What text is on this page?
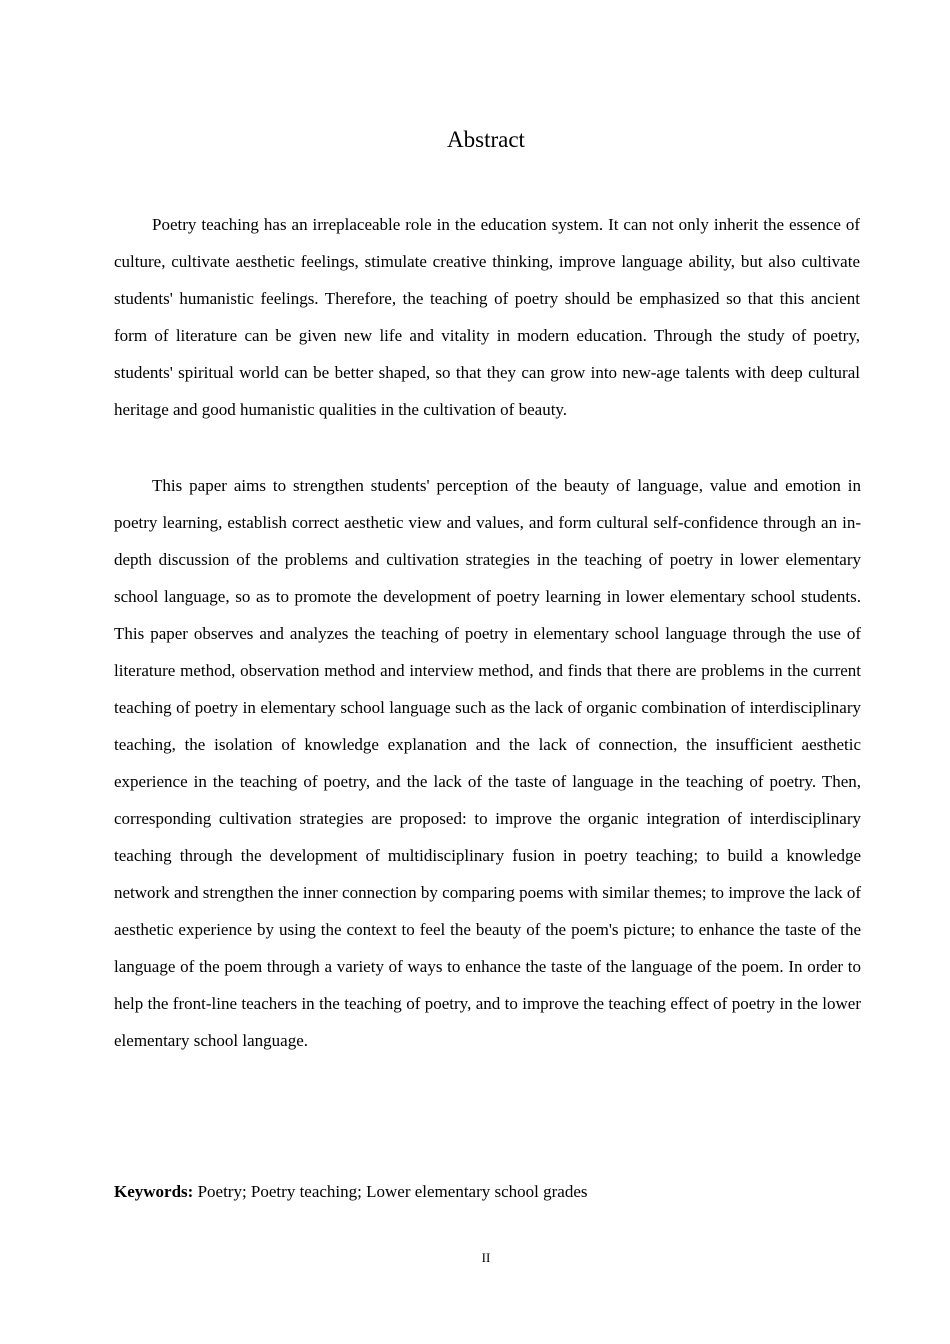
Abstract

Poetry teaching has an irreplaceable role in the education system. It can not only inherit the essence of culture, cultivate aesthetic feelings, stimulate creative thinking, improve language ability, but also cultivate students' humanistic feelings. Therefore, the teaching of poetry should be emphasized so that this ancient form of literature can be given new life and vitality in modern education. Through the study of poetry, students' spiritual world can be better shaped, so that they can grow into new-age talents with deep cultural heritage and good humanistic qualities in the cultivation of beauty.

This paper aims to strengthen students' perception of the beauty of language, value and emotion in poetry learning, establish correct aesthetic view and values, and form cultural self-confidence through an in-depth discussion of the problems and cultivation strategies in the teaching of poetry in lower elementary school language, so as to promote the development of poetry learning in lower elementary school students. This paper observes and analyzes the teaching of poetry in elementary school language through the use of literature method, observation method and interview method, and finds that there are problems in the current teaching of poetry in elementary school language such as the lack of organic combination of interdisciplinary teaching, the isolation of knowledge explanation and the lack of connection, the insufficient aesthetic experience in the teaching of poetry, and the lack of the taste of language in the teaching of poetry. Then, corresponding cultivation strategies are proposed: to improve the organic integration of interdisciplinary teaching through the development of multidisciplinary fusion in poetry teaching; to build a knowledge network and strengthen the inner connection by comparing poems with similar themes; to improve the lack of aesthetic experience by using the context to feel the beauty of the poem's picture; to enhance the taste of the language of the poem through a variety of ways to enhance the taste of the language of the poem. In order to help the front-line teachers in the teaching of poetry, and to improve the teaching effect of poetry in the lower elementary school language.

Keywords: Poetry; Poetry teaching; Lower elementary school grades

II
